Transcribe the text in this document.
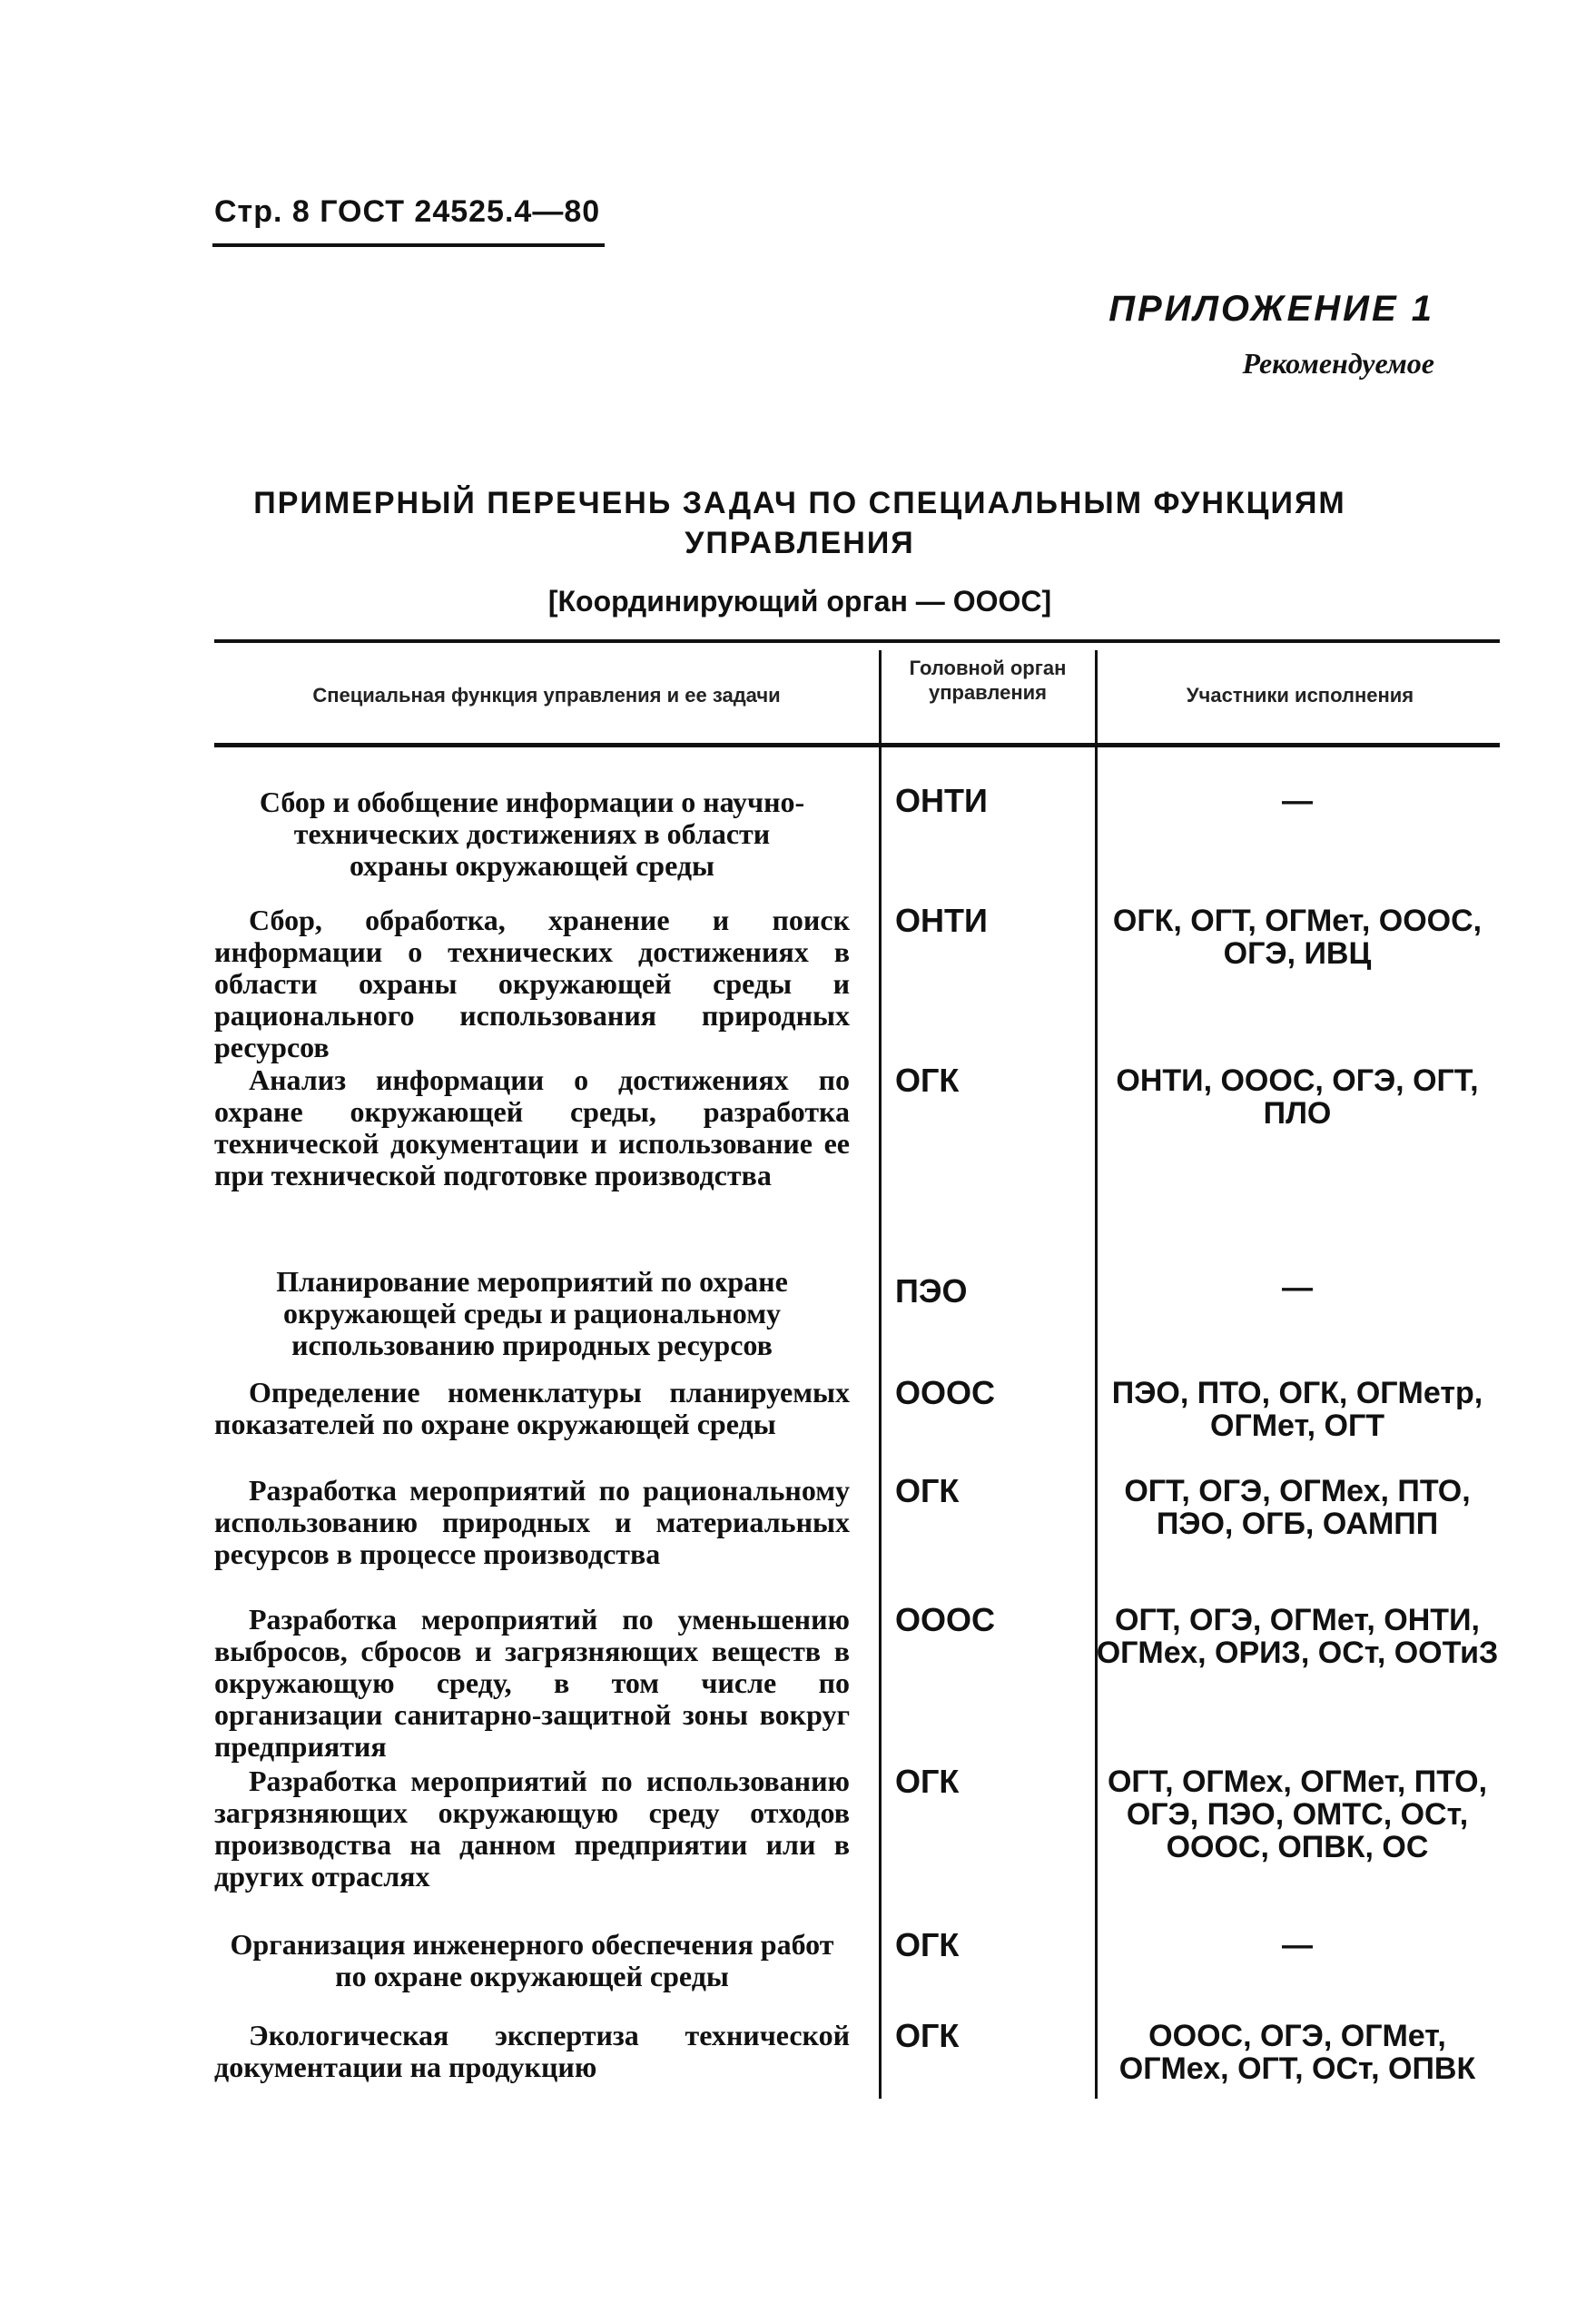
Стр. 8 ГОСТ 24525.4—80
ПРИЛОЖЕНИЕ 1
Рекомендуемое
ПРИМЕРНЫЙ ПЕРЕЧЕНЬ ЗАДАЧ ПО СПЕЦИАЛЬНЫМ ФУНКЦИЯМ
УПРАВЛЕНИЯ
[Координирующий орган — ОООС]
Специальная функция управления и ее задачи
Головной орган управления	Участники исполнения
Сбор и обобщение информации о научно-технических достижениях в области охраны окружающей среды
ОНТИ	—
Сбор, обработка, хранение и поиск информации о технических достижениях в области охраны окружающей среды и рационального использования природных ресурсов
ОНТИ	ОГК, ОГТ, ОГМет, ОООС, ОГЭ, ИВЦ
Анализ информации о достижениях по охране окружающей среды, разработка технической документации и использование ее при технической подготовке производства
ОГК	ОНТИ, ОООС, ОГЭ, ОГТ, ПЛО
Планирование мероприятий по охране окружающей среды и рациональному использованию природных ресурсов
ПЭО	—
Определение номенклатуры планируемых показателей по охране окружающей среды
ОООС	ПЭО, ПТО, ОГК, ОГМетр, ОГМет, ОГТ
Разработка мероприятий по рациональному использованию природных и материальных ресурсов в процессе производства
ОГК	ОГТ, ОГЭ, ОГМех, ПТО, ПЭО, ОГБ, ОАМПП
Разработка мероприятий по уменьшению выбросов, сбросов и загрязняющих веществ в окружающую среду, в том числе по организации санитарно-защитной зоны вокруг предприятия
ОООС	ОГТ, ОГЭ, ОГМет, ОНТИ, ОГМех, ОРИЗ, ОСт, ООТиЗ
Разработка мероприятий по использованию загрязняющих окружающую среду отходов производства на данном предприятии или в других отраслях
ОГК	ОГТ, ОГМех, ОГМет, ПТО, ОГЭ, ПЭО, ОМТС, ОСт, ОООС, ОПВК, ОС
Организация инженерного обеспечения работ по охране окружающей среды
ОГК	—
Экологическая экспертиза технической документации на продукцию
ОГК	ОООС, ОГЭ, ОГМет, ОГМех, ОГТ, ОСт, ОПВК
